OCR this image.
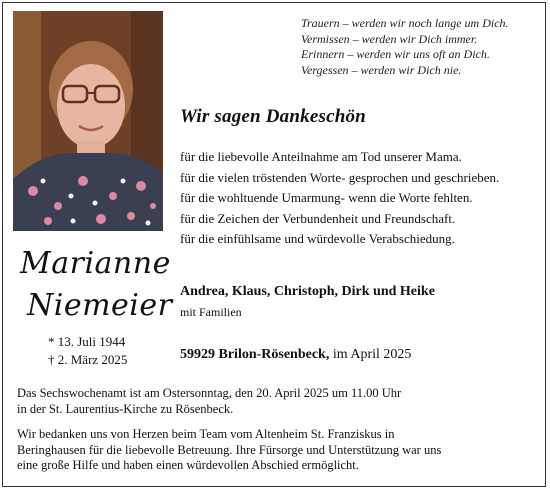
Trauern – werden wir noch lange um Dich.
Vermissen – werden wir Dich immer.
Erinnern – werden wir uns oft an Dich.
Vergessen – werden wir Dich nie.
Wir sagen Dankeschön
für die liebevolle Anteilnahme am Tod unserer Mama.
für die vielen tröstenden Worte- gesprochen und geschrieben.
für die wohltuende Umarmung- wenn die Worte fehlten.
für die Zeichen der Verbundenheit und Freundschaft.
für die einfühlsame und würdevolle Verabschiedung.
Marianne
Niemeier
* 13. Juli 1944
† 2. März 2025
Andrea, Klaus, Christoph, Dirk und Heike
mit Familien
59929 Brilon-Rösenbeck, im April 2025
Das Sechswochenamt ist am Ostersonntag, den 20. April 2025 um 11.00 Uhr
in der St. Laurentius-Kirche zu Rösenbeck.
Wir bedanken uns von Herzen beim Team vom Altenheim St. Franziskus in
Beringhausen für die liebevolle Betreuung. Ihre Fürsorge und Unterstützung war uns
eine große Hilfe und haben einen würdevollen Abschied ermöglicht.
